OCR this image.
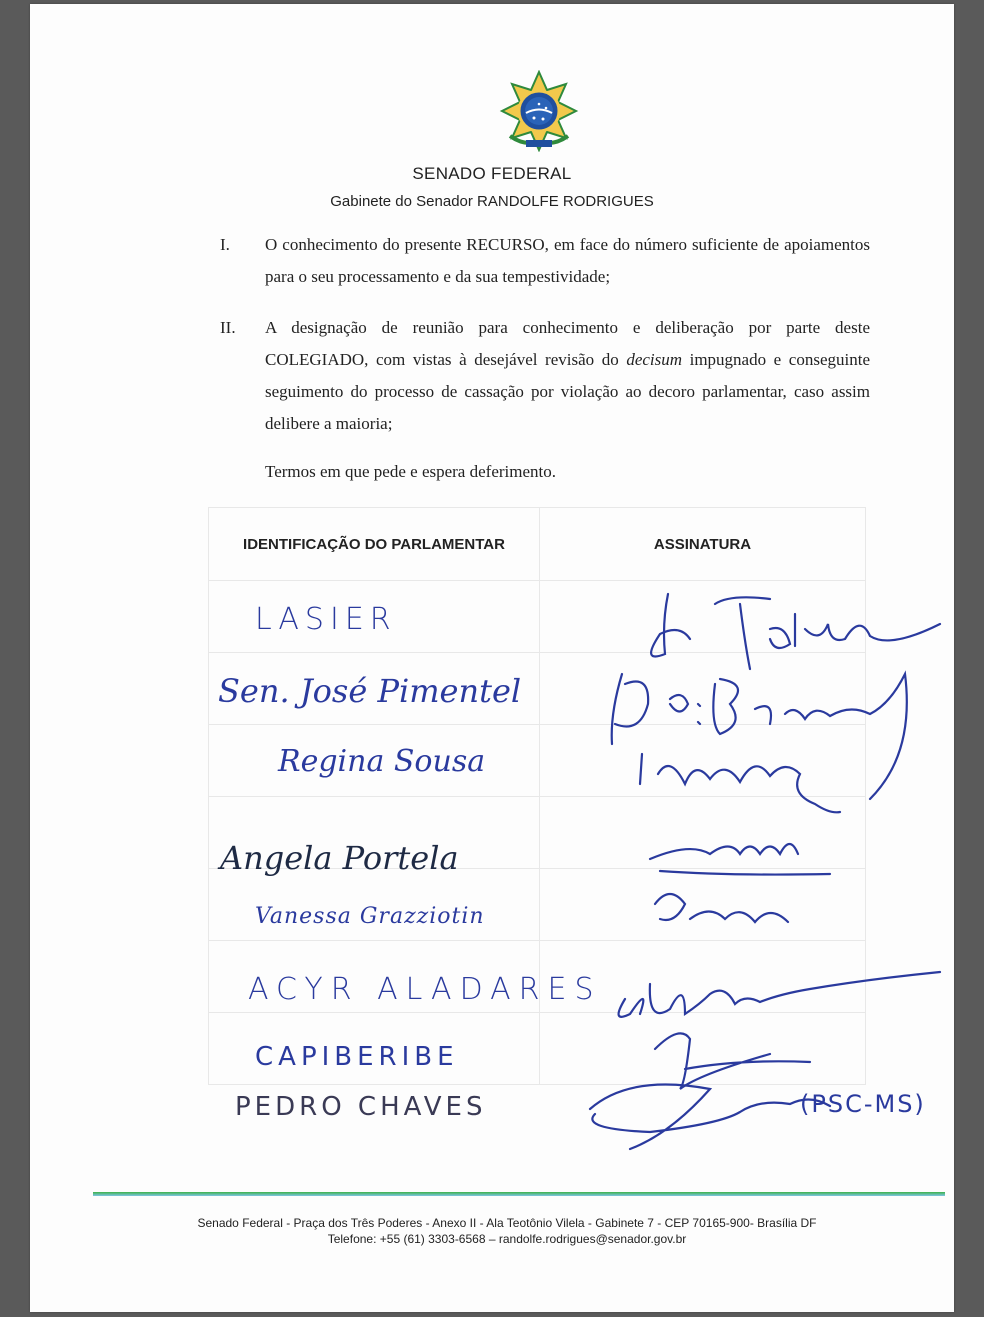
SENADO FEDERAL
Gabinete do Senador RANDOLFE RODRIGUES
I.	O conhecimento do presente RECURSO, em face do número suficiente de apoiamentos para o seu processamento e da sua tempestividade;
II.	A designação de reunião para conhecimento e deliberação por parte deste COLEGIADO, com vistas à desejável revisão do decisum impugnado e conseguinte seguimento do processo de cassação por violação ao decoro parlamentar, caso assim delibere a maioria;
Termos em que pede e espera deferimento.
IDENTIFICAÇÃO DO PARLAMENTAR	ASSINATURA

LASIER
Sen. José Pimentel
Regina Sousa
Angela Portela
Vanessa Grazziotin
ACYR ALADARES
CAPIBERIBE
PEDRO CHAVES	(PSC-MS)
Senado Federal - Praça dos Três Poderes - Anexo II - Ala Teotônio Vilela - Gabinete 7 - CEP 70165-900- Brasília DF
Telefone: +55 (61) 3303-6568 – randolfe.rodrigues@senador.gov.br
